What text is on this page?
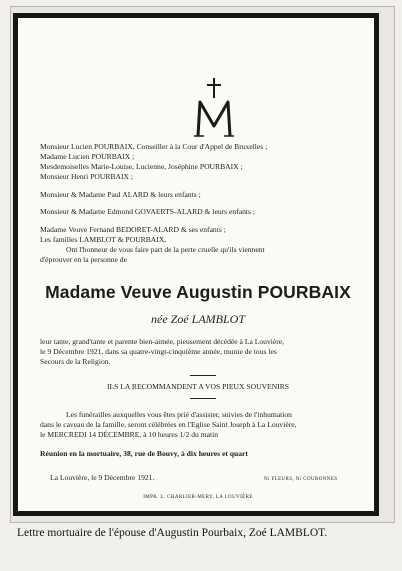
Monsieur Lucien POURBAIX, Conseiller à la Cour d'Appel de Bruxelles ;
Madame Lucien POURBAIX ;
Mesdemoiselles Marie-Louise, Lucienne, Joséphine POURBAIX ;
Monsieur Henri POURBAIX ;
Monsieur & Madame Paul ALARD & leurs enfants ;
Monsieur & Madame Edmond GOVAERTS-ALARD & leurs enfants ;
Madame Veuve Fernand BEDORET-ALARD & ses enfants ;
Les familles LAMBLOT & POURBAIX,
Ont l'honneur de vous faire part de la perte cruelle qu'ils viennent
d'éprouver en la personne de
Madame Veuve Augustin POURBAIX
née Zoé LAMBLOT
leur tante, grand'tante et parente bien-aimée, pieusement décédée à La Louvière,
le 9 Décembre 1921, dans sa quatre-vingt-cinquième année, munie de tous les
Secours de la Religion.
ILS LA RECOMMANDENT A VOS PIEUX SOUVENIRS
Les funérailles auxquelles vous êtes prié d'assister, suivies de l'inhumation
dans le caveau de la famille, seront célébrées en l'Eglise Saint Joseph à La Louvière,
le MERCREDI 14 DÉCEMBRE, à 10 heures 1/2 du matin
Réunion en la mortuaire, 38, rue de Bouvy, à dix heures et quart
La Louvière, le 9 Décembre 1921.	Ni FLEURS, Ni COURONNES
IMPR. L. CHARLIER-MERY, LA LOUVIÈRE
Lettre mortuaire de l'épouse d'Augustin Pourbaix, Zoé LAMBLOT.
